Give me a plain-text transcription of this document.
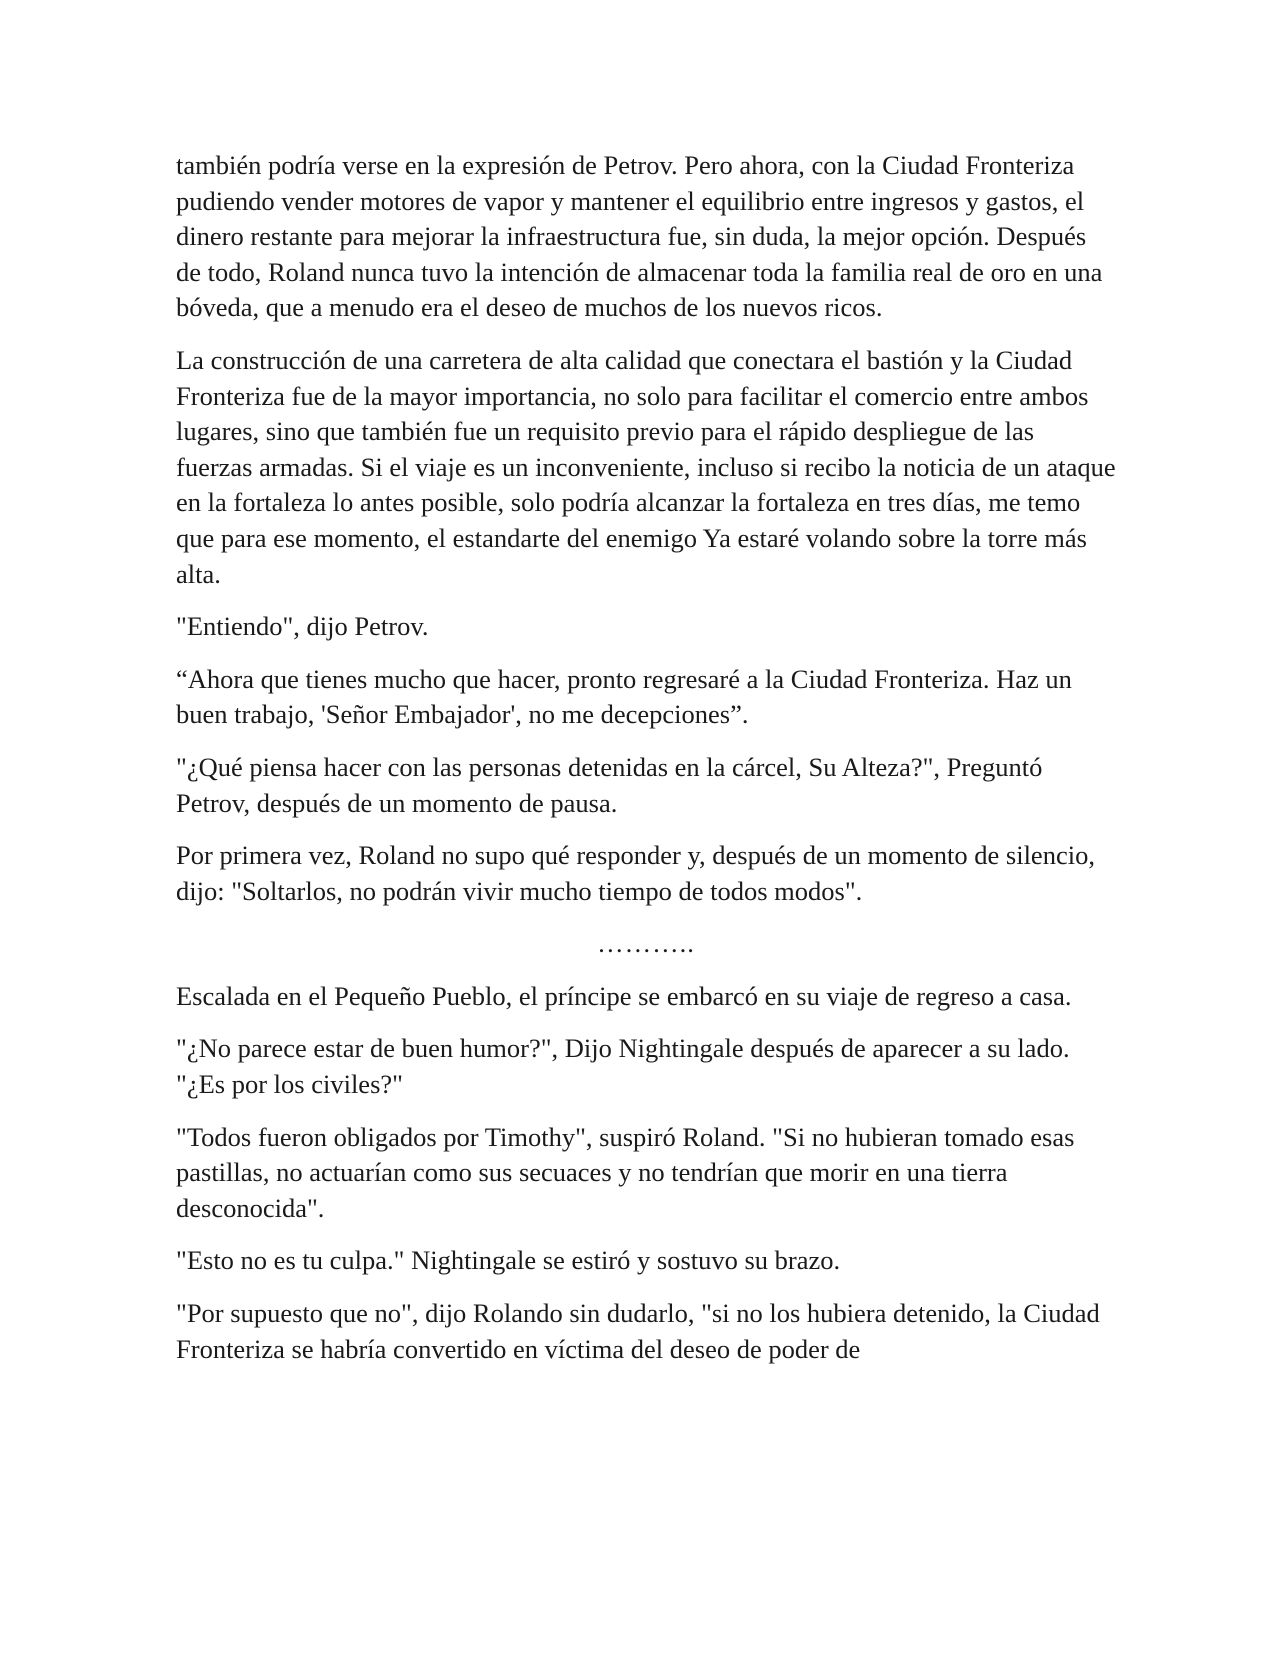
también podría verse en la expresión de Petrov. Pero ahora, con la Ciudad Fronteriza pudiendo vender motores de vapor y mantener el equilibrio entre ingresos y gastos, el dinero restante para mejorar la infraestructura fue, sin duda, la mejor opción. Después de todo, Roland nunca tuvo la intención de almacenar toda la familia real de oro en una bóveda, que a menudo era el deseo de muchos de los nuevos ricos.

La construcción de una carretera de alta calidad que conectara el bastión y la Ciudad Fronteriza fue de la mayor importancia, no solo para facilitar el comercio entre ambos lugares, sino que también fue un requisito previo para el rápido despliegue de las fuerzas armadas. Si el viaje es un inconveniente, incluso si recibo la noticia de un ataque en la fortaleza lo antes posible, solo podría alcanzar la fortaleza en tres días, me temo que para ese momento, el estandarte del enemigo Ya estaré volando sobre la torre más alta.

"Entiendo", dijo Petrov.

“Ahora que tienes mucho que hacer, pronto regresaré a la Ciudad Fronteriza. Haz un buen trabajo, 'Señor Embajador', no me decepciones”.

"¿Qué piensa hacer con las personas detenidas en la cárcel, Su Alteza?", Preguntó Petrov, después de un momento de pausa.

Por primera vez, Roland no supo qué responder y, después de un momento de silencio, dijo: "Soltarlos, no podrán vivir mucho tiempo de todos modos".

………..

Escalada en el Pequeño Pueblo, el príncipe se embarcó en su viaje de regreso a casa.

"¿No parece estar de buen humor?", Dijo Nightingale después de aparecer a su lado. "¿Es por los civiles?"

"Todos fueron obligados por Timothy", suspiró Roland. "Si no hubieran tomado esas pastillas, no actuarían como sus secuaces y no tendrían que morir en una tierra desconocida".

"Esto no es tu culpa." Nightingale se estiró y sostuvo su brazo.

"Por supuesto que no", dijo Rolando sin dudarlo, "si no los hubiera detenido, la Ciudad Fronteriza se habría convertido en víctima del deseo de poder de
